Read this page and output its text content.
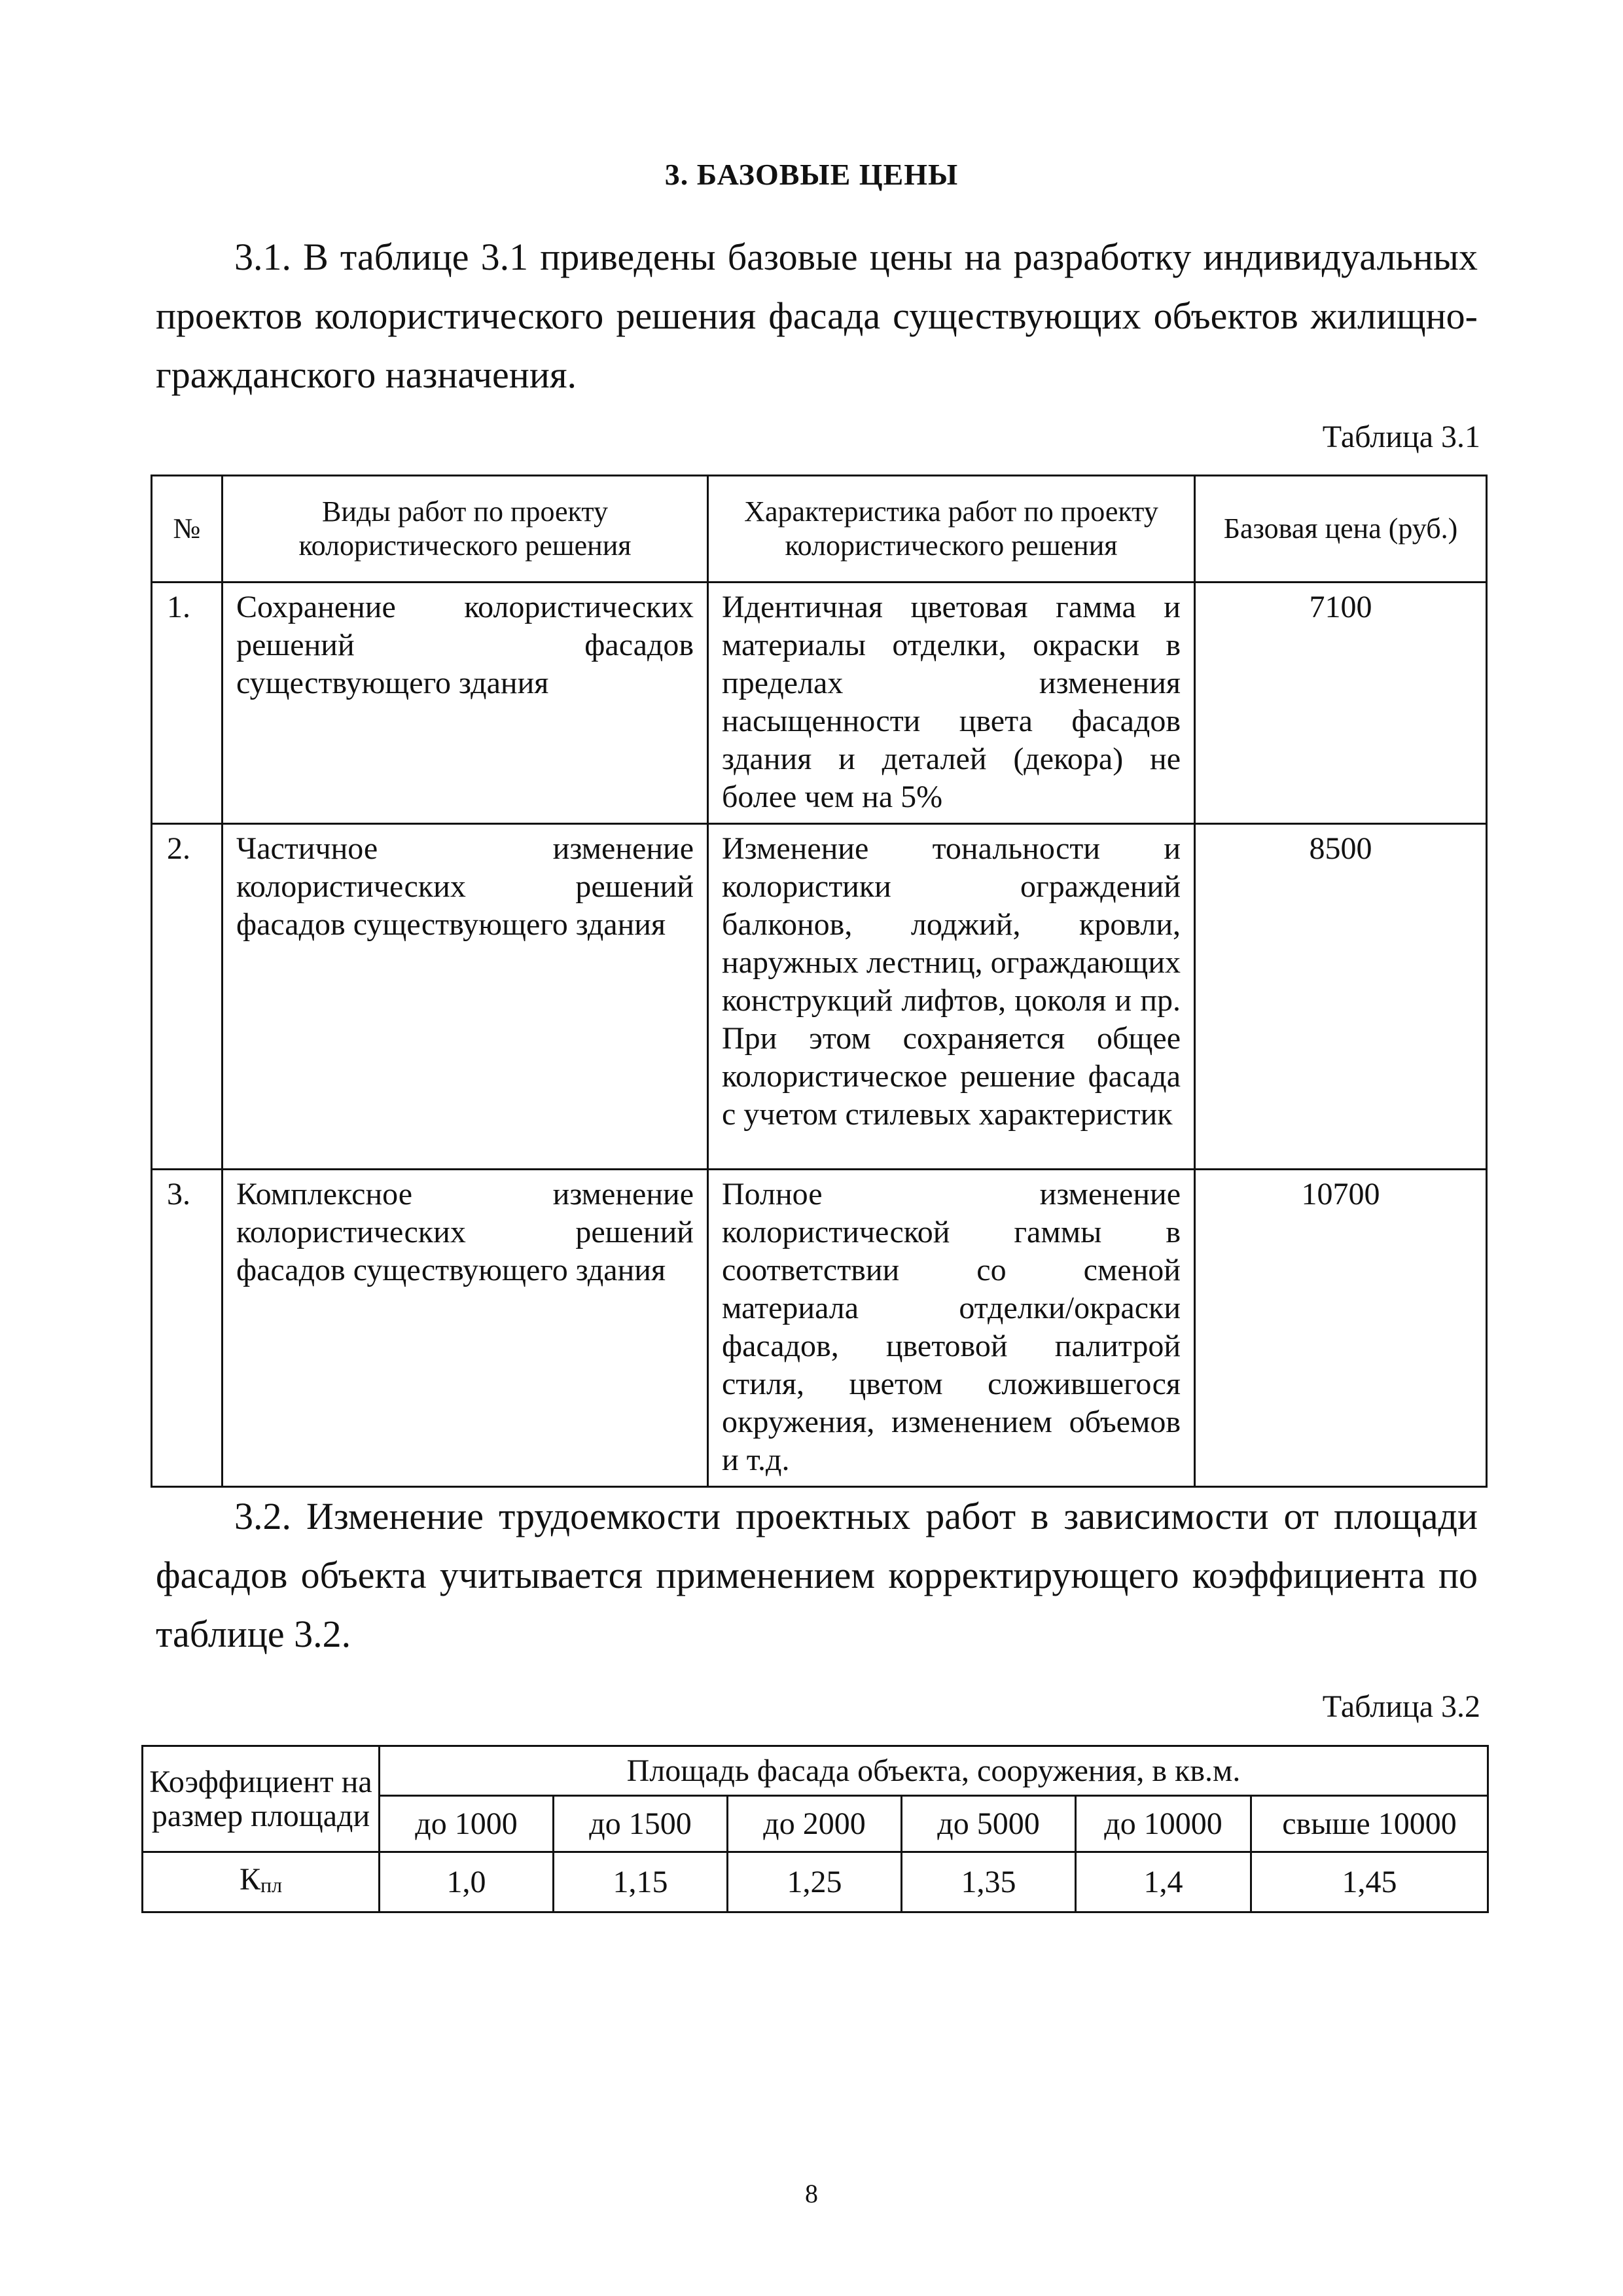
3. БАЗОВЫЕ ЦЕНЫ

3.1. В таблице 3.1 приведены базовые цены на разработку индивидуальных проектов колористического решения фасада существующих объектов жилищно-гражданского назначения.

Таблица 3.1
№	Виды работ по проекту колористического решения	Характеристика работ по проекту колористического решения	Базовая цена (руб.)
1.	Сохранение колористических решений фасадов существующего здания	Идентичная цветовая гамма и материалы отделки, окраски в пределах изменения насыщенности цвета фасадов здания и деталей (декора) не более чем на 5%	7100
2.	Частичное изменение колористических решений фасадов существующего здания	Изменение тональности и колористики ограждений балконов, лоджий, кровли, наружных лестниц, ограждающих конструкций лифтов, цоколя и пр. При этом сохраняется общее колористическое решение фасада с учетом стилевых характеристик	8500
3.	Комплексное изменение колористических решений фасадов существующего здания	Полное изменение колористической гаммы в соответствии со сменой материала отделки/окраски фасадов, цветовой палитрой стиля, цветом сложившегося окружения, изменением объемов и т.д.	10700

3.2. Изменение трудоемкости проектных работ в зависимости от площади фасадов объекта учитывается применением корректирующего коэффициента по таблице 3.2.

Таблица 3.2
Коэффициент на размер площади	Площадь фасада объекта, сооружения, в кв.м.					
	до 1000	до 1500	до 2000	до 5000	до 10000	свыше 10000
$К_{пл}$	1,0	1,15	1,25	1,35	1,4	1,45
8
